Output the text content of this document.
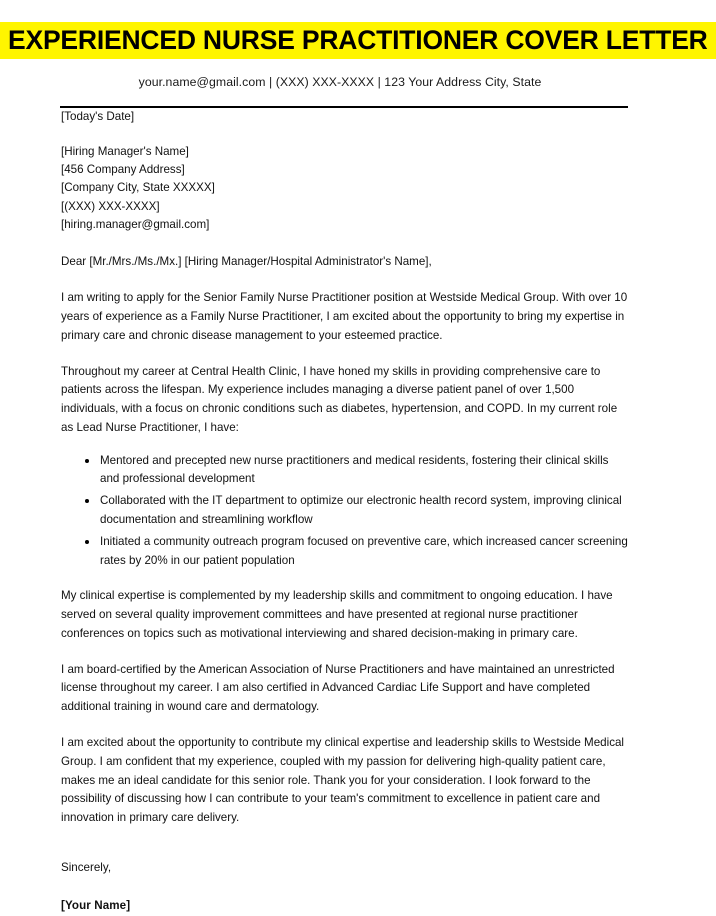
EXPERIENCED NURSE PRACTITIONER COVER LETTER
your.name@gmail.com | (XXX) XXX-XXXX | 123 Your Address City, State
[Today's Date]
[Hiring Manager's Name]
[456 Company Address]
[Company City, State XXXXX]
[(XXX) XXX-XXXX]
[hiring.manager@gmail.com]
Dear [Mr./Mrs./Ms./Mx.] [Hiring Manager/Hospital Administrator's Name],

I am writing to apply for the Senior Family Nurse Practitioner position at Westside Medical Group. With over 10 years of experience as a Family Nurse Practitioner, I am excited about the opportunity to bring my expertise in primary care and chronic disease management to your esteemed practice.

Throughout my career at Central Health Clinic, I have honed my skills in providing comprehensive care to patients across the lifespan. My experience includes managing a diverse patient panel of over 1,500 individuals, with a focus on chronic conditions such as diabetes, hypertension, and COPD. In my current role as Lead Nurse Practitioner, I have:

Mentored and precepted new nurse practitioners and medical residents, fostering their clinical skills and professional development
Collaborated with the IT department to optimize our electronic health record system, improving clinical documentation and streamlining workflow
Initiated a community outreach program focused on preventive care, which increased cancer screening rates by 20% in our patient population

My clinical expertise is complemented by my leadership skills and commitment to ongoing education. I have served on several quality improvement committees and have presented at regional nurse practitioner conferences on topics such as motivational interviewing and shared decision-making in primary care.

I am board-certified by the American Association of Nurse Practitioners and have maintained an unrestricted license throughout my career. I am also certified in Advanced Cardiac Life Support and have completed additional training in wound care and dermatology.

I am excited about the opportunity to contribute my clinical expertise and leadership skills to Westside Medical Group. I am confident that my experience, coupled with my passion for delivering high-quality patient care, makes me an ideal candidate for this senior role. Thank you for your consideration. I look forward to the possibility of discussing how I can contribute to your team's commitment to excellence in patient care and innovation in primary care delivery.

Sincerely,
[Your Name]
